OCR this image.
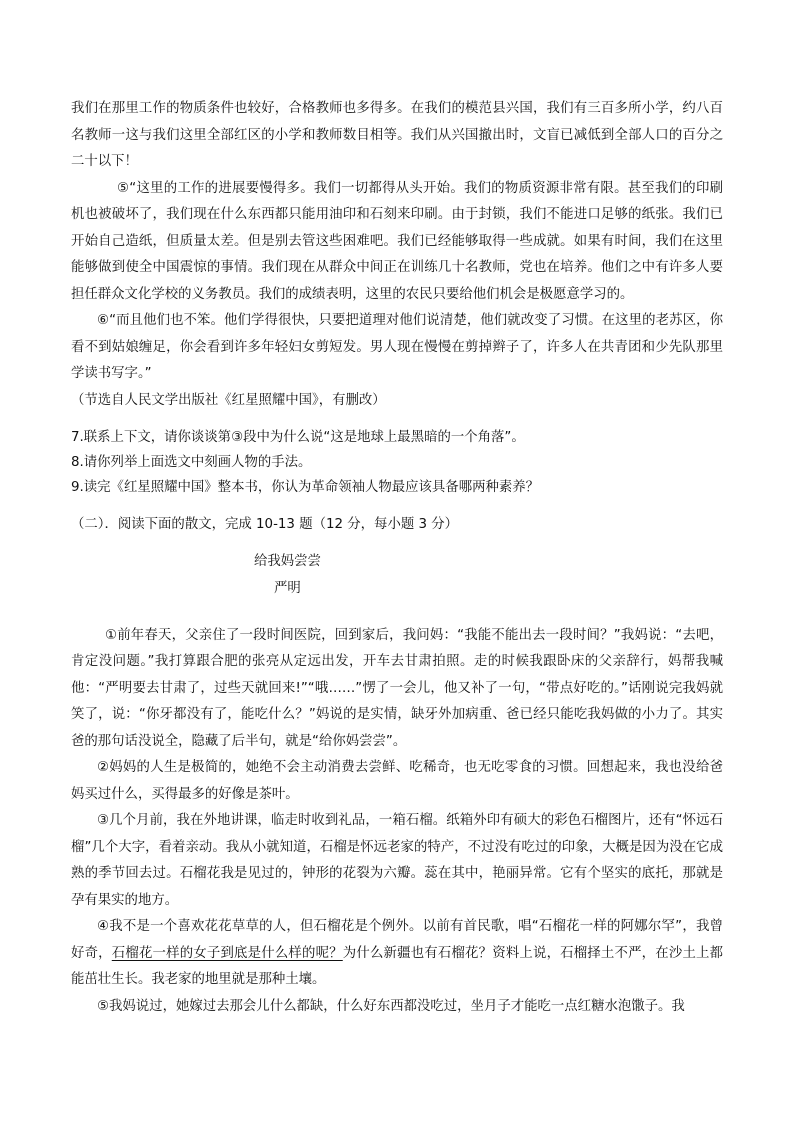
我们在那里工作的物质条件也较好，合格教师也多得多。在我们的模范县兴国，我们有三百多所小学，约八百名教师一这与我们这里全部红区的小学和教师数目相等。我们从兴国撤出时，文盲已减低到全部人口的百分之二十以下！

⑤“这里的工作的进展要慢得多。我们一切都得从头开始。我们的物质资源非常有限。甚至我们的印刷机也被破坏了，我们现在什么东西都只能用油印和石刻来印刷。由于封锁，我们不能进口足够的纸张。我们已开始自己造纸，但质量太差。但是别去管这些困难吧。我们已经能够取得一些成就。如果有时间，我们在这里能够做到使全中国震惊的事情。我们现在从群众中间正在训练几十名教师，党也在培养。他们之中有许多人要担任群众文化学校的义务教员。我们的成绩表明，这里的农民只要给他们机会是极愿意学习的。

⑥“而且他们也不笨。他们学得很快，只要把道理对他们说清楚，他们就改变了习惯。在这里的老苏区，你看不到姑娘缠足，你会看到许多年轻妇女剪短发。男人现在慢慢在剪掉辫子了，许多人在共青团和少先队那里学读书写字。”

（节选自人民文学出版社《红星照耀中国》，有删改）

7.联系上下文，请你谈谈第③段中为什么说“这是地球上最黑暗的一个角落”。

8.请你列举上面选文中刻画人物的手法。

9.读完《红星照耀中国》整本书，你认为革命领袖人物最应该具备哪两种素养？

（二）．阅读下面的散文，完成 10-13 题（12 分，每小题 3 分）

给我妈尝尝

严明

①前年春天，父亲住了一段时间医院，回到家后，我问妈：“我能不能出去一段时间？”我妈说：“去吧，肯定没问题。”我打算跟合肥的张亮从定远出发，开车去甘肃拍照。走的时候我跟卧床的父亲辞行，妈帮我喊他：“严明要去甘肃了，过些天就回来!”“哦……”愣了一会儿，他又补了一句，“带点好吃的。”话刚说完我妈就笑了，说：“你牙都没有了，能吃什么？”妈说的是实情，缺牙外加病重、爸已经只能吃我妈做的小力了。其实爸的那句话没说全，隐藏了后半句，就是“给你妈尝尝”。

②妈妈的人生是极简的，她绝不会主动消费去尝鲜、吃稀奇，也无吃零食的习惯。回想起来，我也没给爸妈买过什么，买得最多的好像是茶叶。

③几个月前，我在外地讲课，临走时收到礼品，一箱石榴。纸箱外印有硕大的彩色石榴图片，还有“怀远石榴”几个大字，看着亲动。我从小就知道，石榴是怀远老家的特产，不过没有吃过的印象，大概是因为没在它成熟的季节回去过。石榴花我是见过的，钟形的花裂为六瓣。蕊在其中，艳丽异常。它有个坚实的底托，那就是孕有果实的地方。

④我不是一个喜欢花花草草的人，但石榴花是个例外。以前有首民歌，唱“石榴花一样的阿娜尔罕”，我曾好奇，石榴花一样的女子到底是什么样的呢？为什么新疆也有石榴花？资料上说，石榴择土不严，在沙土上都能茁壮生长。我老家的地里就是那种土壤。

⑤我妈说过，她嫁过去那会儿什么都缺，什么好东西都没吃过，坐月子才能吃一点红糖水泡馓子。我
